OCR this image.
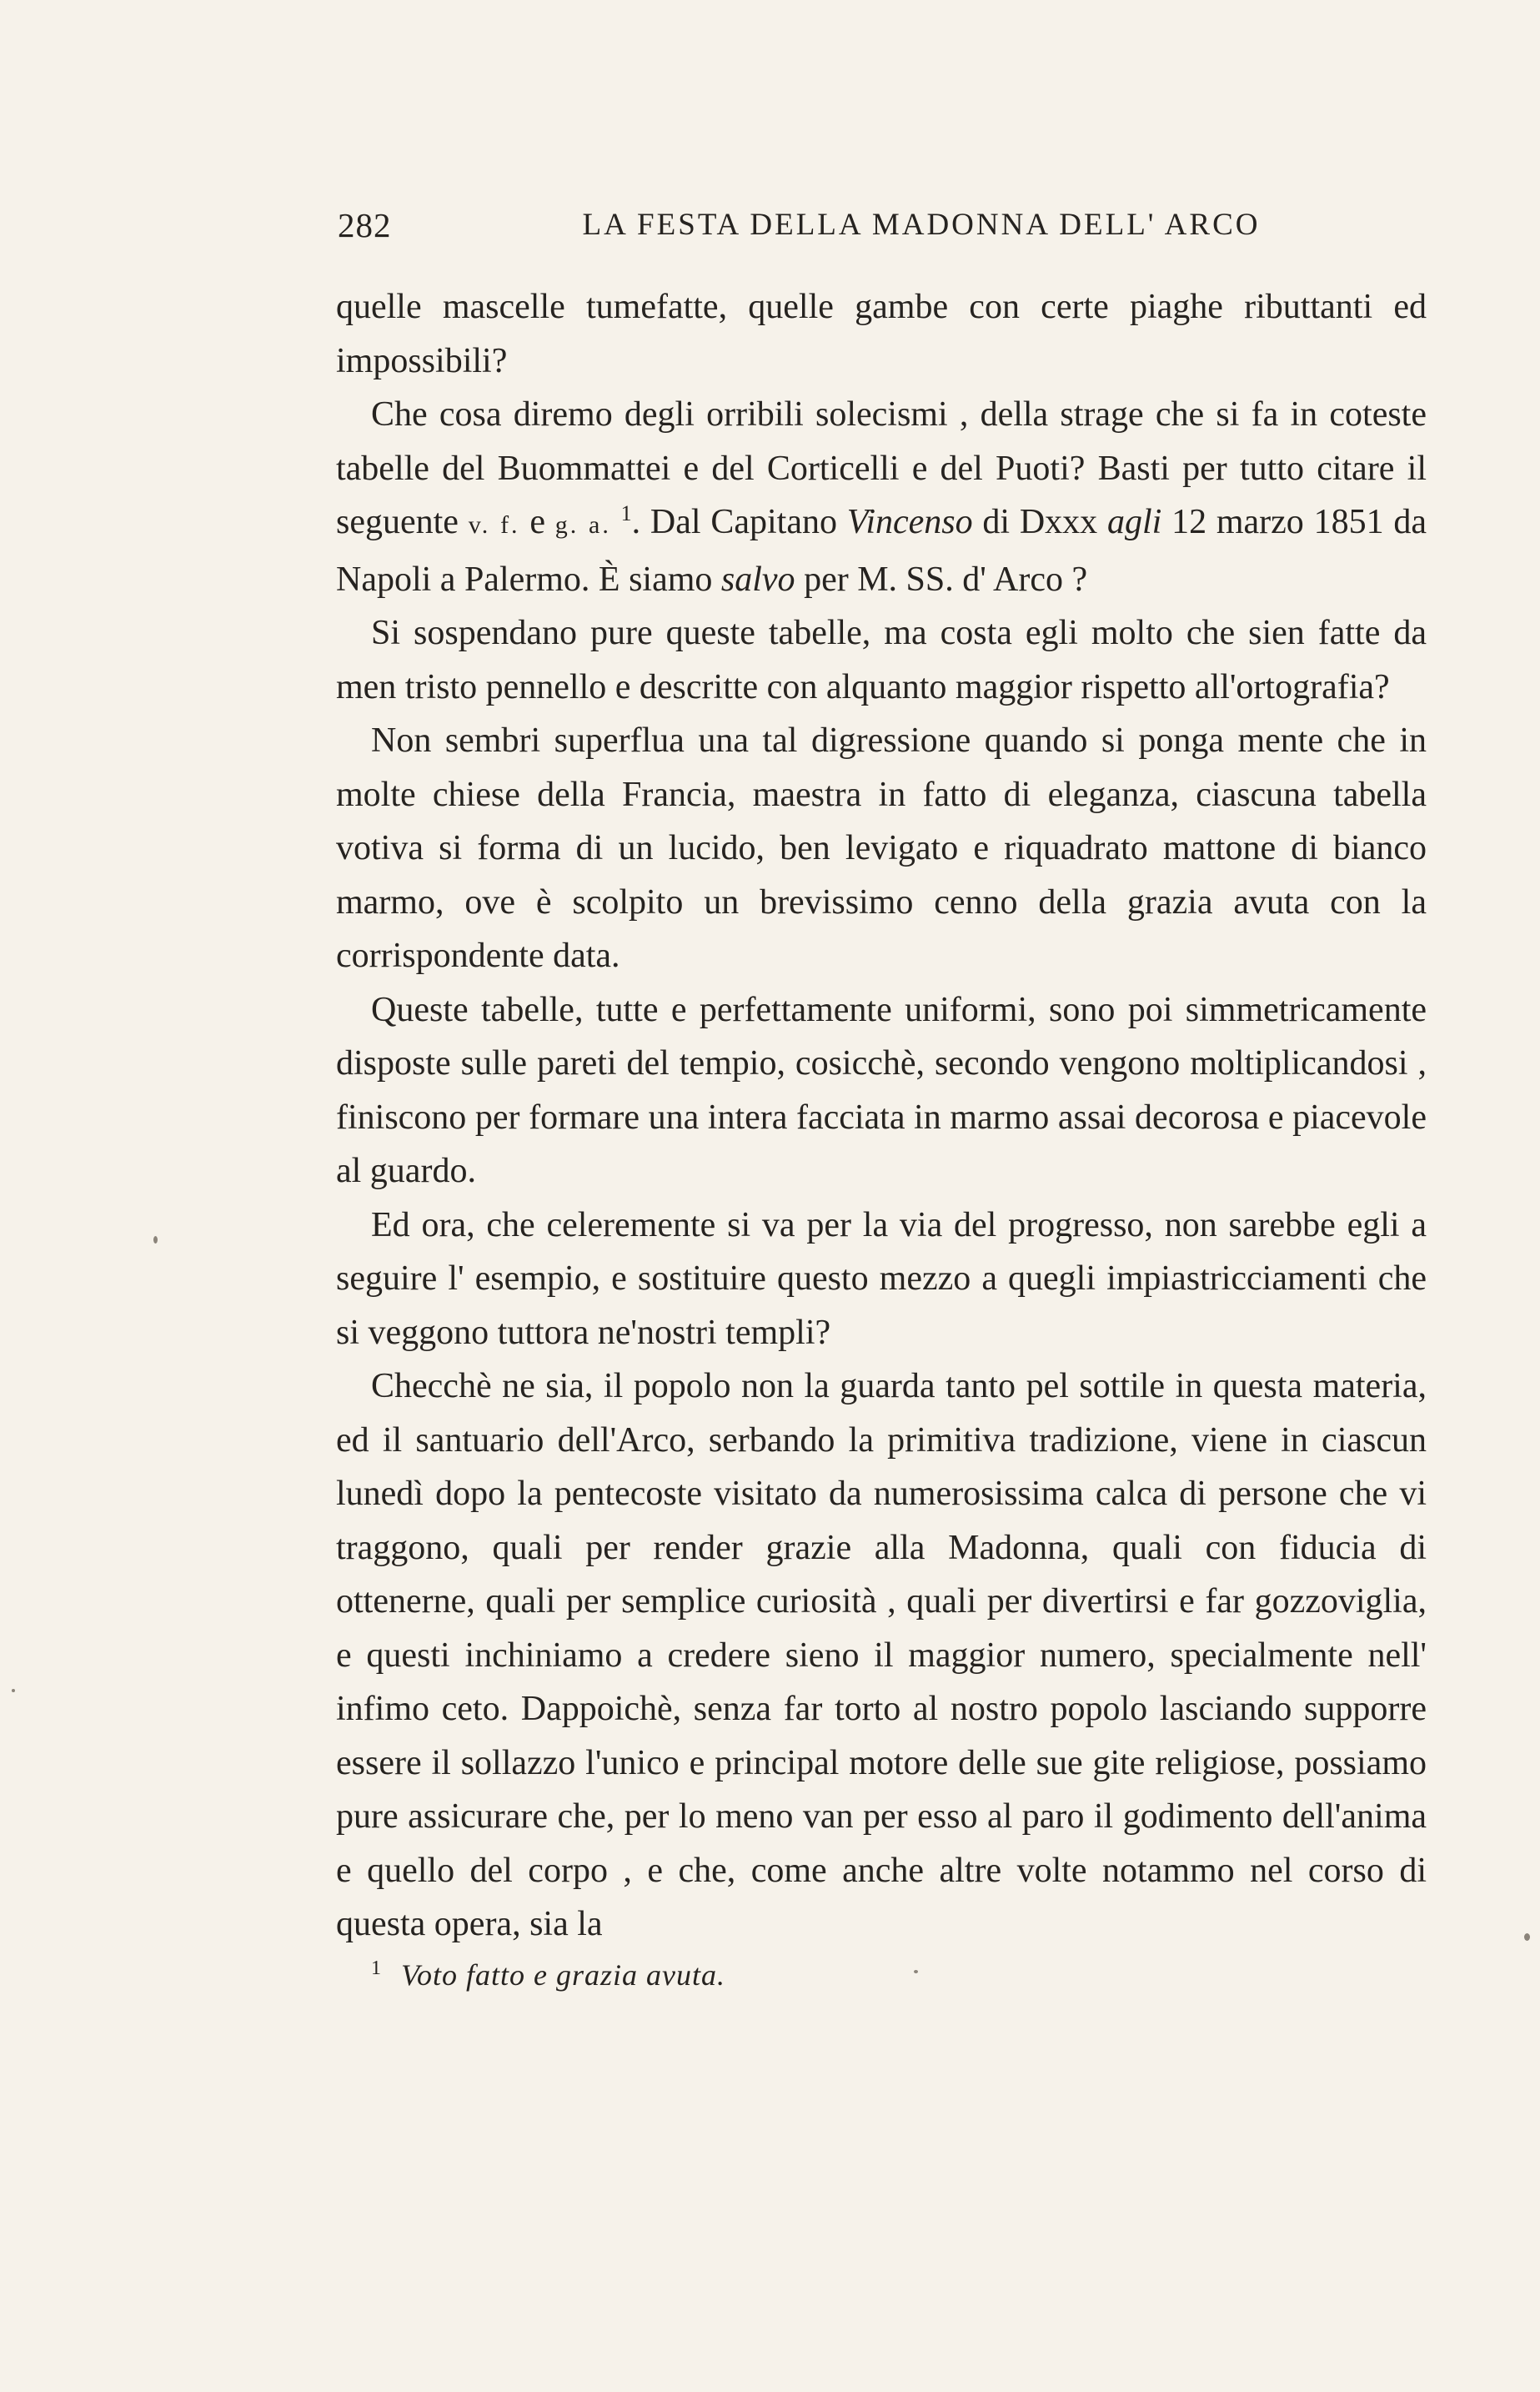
282	LA FESTA DELLA MADONNA DELL' ARCO

quelle mascelle tumefatte, quelle gambe con certe piaghe ributtanti ed impossibili?

Che cosa diremo degli orribili solecismi , della strage che si fa in coteste tabelle del Buommattei e del Corticelli e del Puoti? Basti per tutto citare il seguente v. f. e g. a. $^1$. Dal Capitano Vincenso di Dxxx agli 12 marzo 1851 da Napoli a Palermo. È siamo salvo per M. SS. d' Arco ?

Si sospendano pure queste tabelle, ma costa egli molto che sien fatte da men tristo pennello e descritte con alquanto maggior rispetto all'ortografia?

Non sembri superflua una tal digressione quando si ponga mente che in molte chiese della Francia, maestra in fatto di eleganza, ciascuna tabella votiva si forma di un lucido, ben levigato e riquadrato mattone di bianco marmo, ove è scolpito un brevissimo cenno della grazia avuta con la corrispondente data.

Queste tabelle, tutte e perfettamente uniformi, sono poi simmetricamente disposte sulle pareti del tempio, cosicchè, secondo vengono moltiplicandosi , finiscono per formare una intera facciata in marmo assai decorosa e piacevole al guardo.

Ed ora, che celeremente si va per la via del progresso, non sarebbe egli a seguire l' esempio, e sostituire questo mezzo a quegli impiastricciamenti che si veggono tuttora ne'nostri templi?

Checchè ne sia, il popolo non la guarda tanto pel sottile in questa materia, ed il santuario dell'Arco, serbando la primitiva tradizione, viene in ciascun lunedì dopo la pentecoste visitato da numerosissima calca di persone che vi traggono, quali per render grazie alla Madonna, quali con fiducia di ottenerne, quali per semplice curiosità , quali per divertirsi e far gozzoviglia, e questi inchiniamo a credere sieno il maggior numero, specialmente nell' infimo ceto. Dappoichè, senza far torto al nostro popolo lasciando supporre essere il sollazzo l'unico e principal motore delle sue gite religiose, possiamo pure assicurare che, per lo meno van per esso al paro il godimento dell'anima e quello del corpo , e che, come anche altre volte notammo nel corso di questa opera, sia la

$^1$ Voto fatto e grazia avuta.
